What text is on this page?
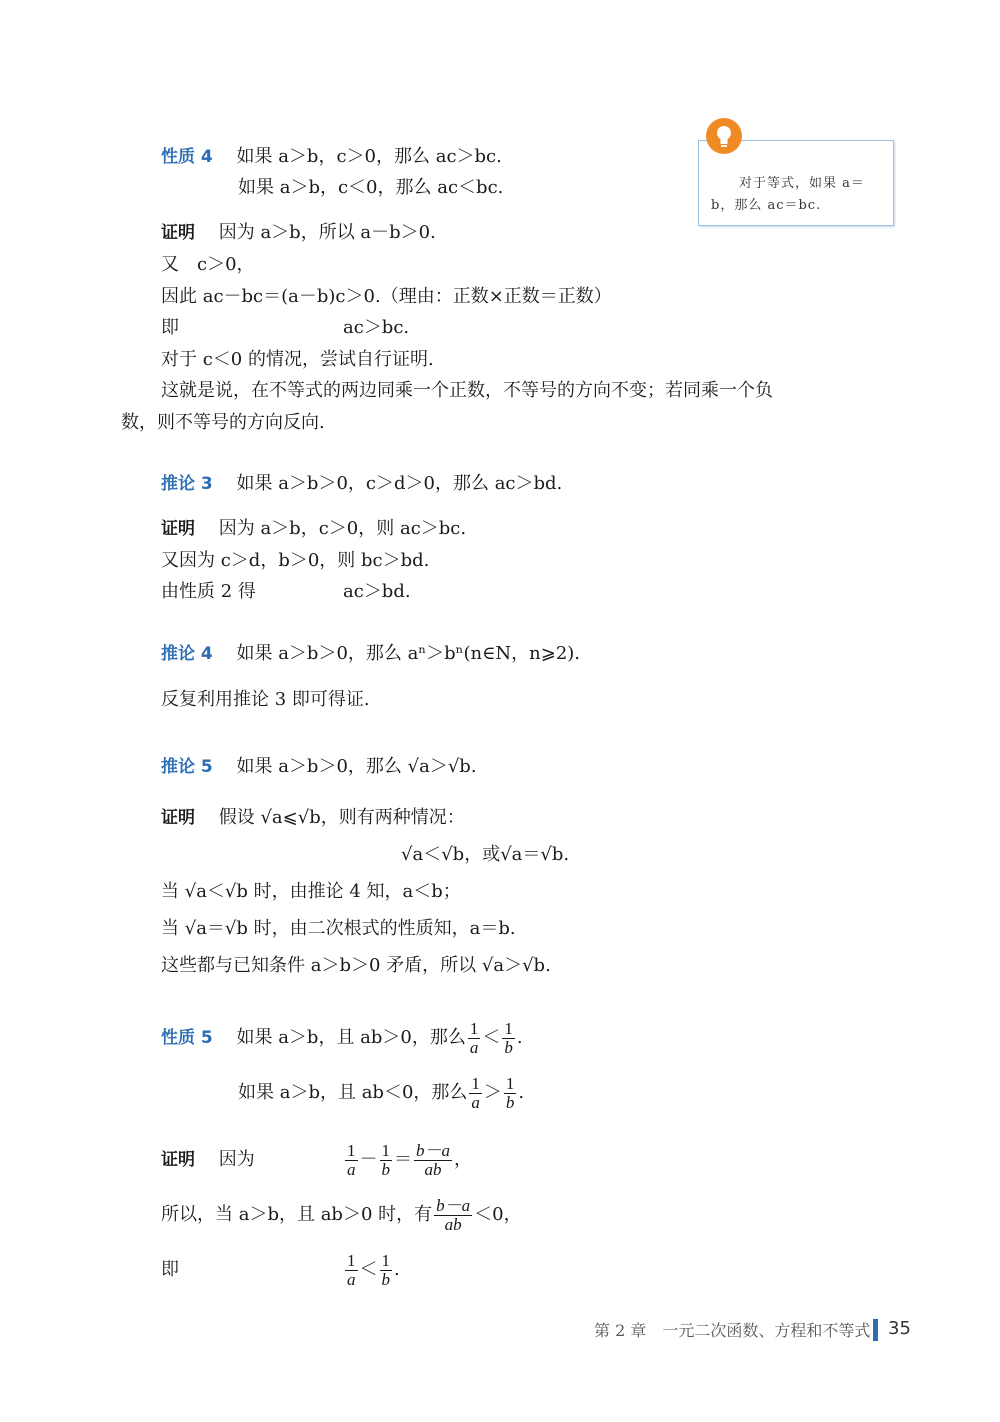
对于等式，如果 a＝b，那么 ac＝bc.
性质 4 如果 a＞b，c＞0，那么 ac＞bc.
如果 a＞b，c＜0，那么 ac＜bc.
证明 因为 a＞b，所以 a－b＞0.
又　c＞0，
因此 ac－bc＝(a－b)c＞0.（理由：正数×正数＝正数）
即	ac＞bc.
对于 c＜0 的情况，尝试自行证明.
这就是说，在不等式的两边同乘一个正数，不等号的方向不变；若同乘一个负
数，则不等号的方向反向.
推论 3 如果 a＞b＞0，c＞d＞0，那么 ac＞bd.
证明 因为 a＞b，c＞0，则 ac＞bc.
又因为 c＞d，b＞0，则 bc＞bd.
由性质 2 得	ac＞bd.
推论 4 如果 a＞b＞0，那么 aⁿ＞bⁿ(n∈N，n⩾2).
反复利用推论 3 即可得证.
推论 5 如果 a＞b＞0，那么 √a＞√b.
证明 假设 √a⩽√b，则有两种情况：
√a＜√b，或√a＝√b.
当 √a＜√b 时，由推论 4 知，a＜b；
当 √a＝√b 时，由二次根式的性质知，a＝b.
这些都与已知条件 a＞b＞0 矛盾，所以 √a＞√b.
性质 5 如果 a＞b，且 ab＞0，那么 $\frac{1}{a} < \frac{1}{b}$ .
如果 a＞b，且 ab＜0，那么 $\frac{1}{a} > \frac{1}{b}$ .
证明 因为	$\frac{1}{a} - \frac{1}{b} = \frac{b-a}{ab}$ ，
所以，当 a＞b，且 ab＞0 时，有 $\frac{b-a}{ab} <0$，
即	$\frac{1}{a} < \frac{1}{b}$ .
第 2 章　一元二次函数、方程和不等式 35
